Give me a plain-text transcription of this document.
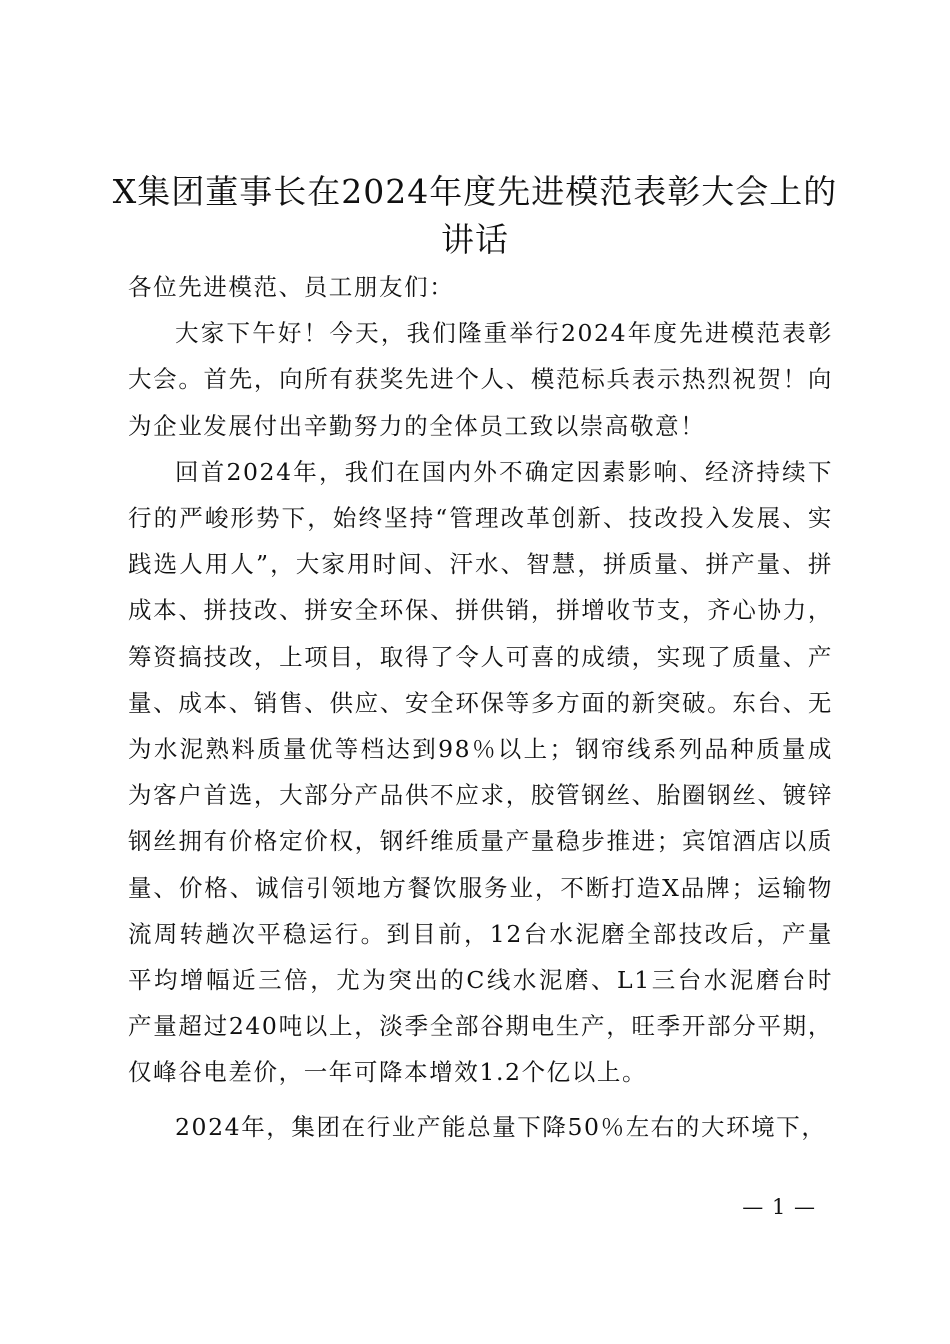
X集团董事长在2024年度先进模范表彰大会上的讲话

各位先进模范、员工朋友们：

大家下午好！今天，我们隆重举行2024年度先进模范表彰大会。首先，向所有获奖先进个人、模范标兵表示热烈祝贺！向为企业发展付出辛勤努力的全体员工致以崇高敬意！

回首2024年，我们在国内外不确定因素影响、经济持续下行的严峻形势下，始终坚持“管理改革创新、技改投入发展、实践选人用人”，大家用时间、汗水、智慧，拼质量、拼产量、拼成本、拼技改、拼安全环保、拼供销，拼增收节支，齐心协力，筹资搞技改，上项目，取得了令人可喜的成绩，实现了质量、产量、成本、销售、供应、安全环保等多方面的新突破。东台、无为水泥熟料质量优等档达到98％以上；钢帘线系列品种质量成为客户首选，大部分产品供不应求，胶管钢丝、胎圈钢丝、镀锌钢丝拥有价格定价权，钢纤维质量产量稳步推进；宾馆酒店以质量、价格、诚信引领地方餐饮服务业，不断打造X品牌；运输物流周转趟次平稳运行。到目前，12台水泥磨全部技改后，产量平均增幅近三倍，尤为突出的C线水泥磨、L1三台水泥磨台时产量超过240吨以上，淡季全部谷期电生产，旺季开部分平期，仅峰谷电差价，一年可降本增效1.2个亿以上。

2024年，集团在行业产能总量下降50％左右的大环境下，

— 1 —
